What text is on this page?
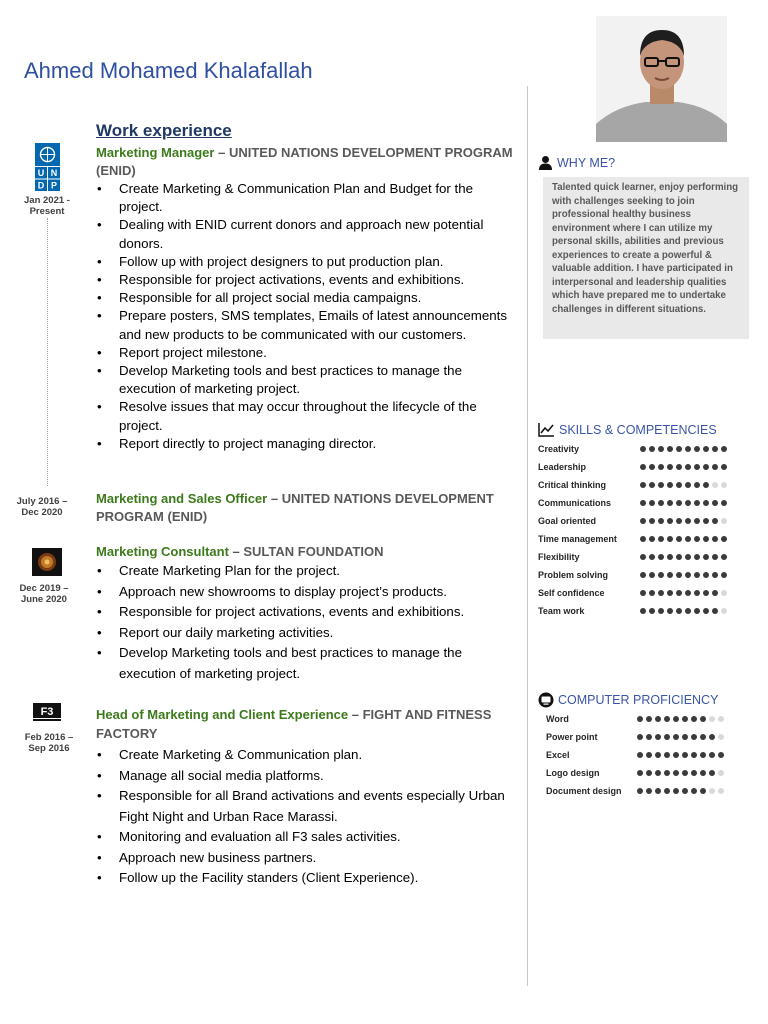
Ahmed Mohamed Khalafallah
Work experience
U N
D P
Jan 2021 - Present
Marketing Manager – UNITED NATIONS DEVELOPMENT PROGRAM (ENID)
• Create Marketing & Communication Plan and Budget for the project.
• Dealing with ENID current donors and approach new potential donors.
• Follow up with project designers to put production plan.
• Responsible for project activations, events and exhibitions.
• Responsible for all project social media campaigns.
• Prepare posters, SMS templates, Emails of latest announcements and new products to be communicated with our customers.
• Report project milestone.
• Develop Marketing tools and best practices to manage the execution of marketing project.
• Resolve issues that may occur throughout the lifecycle of the project.
• Report directly to project managing director.
July 2016 – Dec 2020
Marketing and Sales Officer – UNITED NATIONS DEVELOPMENT PROGRAM (ENID)
Dec 2019 – June 2020
Marketing Consultant – SULTAN FOUNDATION
• Create Marketing Plan for the project.
• Approach new showrooms to display project’s products.
• Responsible for project activations, events and exhibitions.
• Report our daily marketing activities.
• Develop Marketing tools and best practices to manage the execution of marketing project.
F3
Feb 2016 – Sep 2016
Head of Marketing and Client Experience – FIGHT AND FITNESS FACTORY
• Create Marketing & Communication plan.
• Manage all social media platforms.
• Responsible for all Brand activations and events especially Urban Fight Night and Urban Race Marassi.
• Monitoring and evaluation all F3 sales activities.
• Approach new business partners.
• Follow up the Facility standers (Client Experience).
WHY ME?
Talented quick learner, enjoy performing with challenges seeking to join professional healthy business environment where I can utilize my personal skills, abilities and previous experiences to create a powerful & valuable addition. I have participated in interpersonal and leadership qualities which have prepared me to undertake challenges in different situations.
SKILLS & COMPETENCIES
Creativity
Leadership
Critical thinking
Communications
Goal oriented
Time management
Flexibility
Problem solving
Self confidence
Team work
COMPUTER PROFICIENCY
Word
Power point
Excel
Logo design
Document design
